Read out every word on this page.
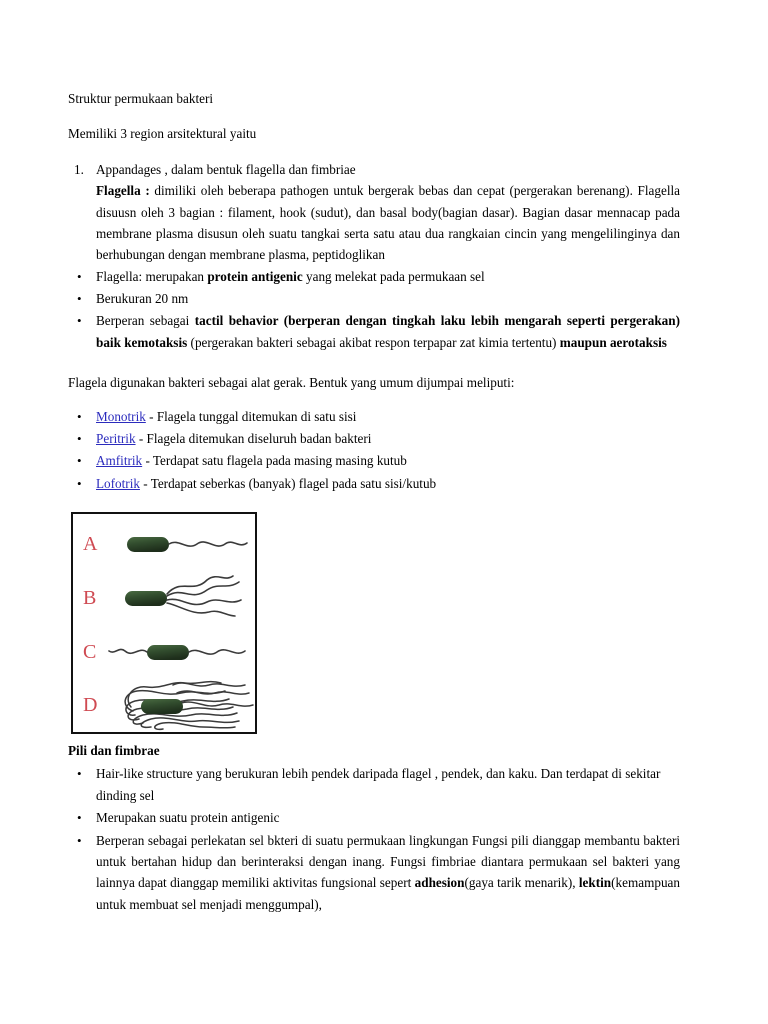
Struktur permukaan bakteri

Memiliki 3 region arsitektural yaitu

1. Appandages , dalam bentuk flagella dan fimbriae
Flagella : dimiliki oleh beberapa pathogen untuk bergerak bebas dan cepat (pergerakan berenang). Flagella disuusn oleh 3 bagian : filament, hook (sudut), dan basal body(bagian dasar). Bagian dasar mennacap pada membrane plasma disusun oleh suatu tangkai serta satu atau dua rangkaian cincin yang mengelilinginya dan berhubungan dengan membrane plasma, peptidoglikan
• Flagella: merupakan protein antigenic yang melekat pada permukaan sel
• Berukuran 20 nm
• Berperan sebagai tactil behavior (berperan dengan tingkah laku lebih mengarah seperti pergerakan) baik kemotaksis (pergerakan bakteri sebagai akibat respon terpapar zat kimia tertentu) maupun aerotaksis

Flagela digunakan bakteri sebagai alat gerak. Bentuk yang umum dijumpai meliputi:

• Monotrik - Flagela tunggal ditemukan di satu sisi
• Peritrik - Flagela ditemukan diseluruh badan bakteri
• Amfitrik - Terdapat satu flagela pada masing masing kutub
• Lofotrik - Terdapat seberkas (banyak) flagel pada satu sisi/kutub
A
B
C
D

Pili dan fimbrae

• Hair-like structure yang berukuran lebih pendek daripada flagel , pendek, dan kaku. Dan terdapat di sekitar dinding sel
• Merupakan suatu protein antigenic
• Berperan sebagai perlekatan sel bkteri di suatu permukaan lingkungan Fungsi pili dianggap membantu bakteri untuk bertahan hidup dan berinteraksi dengan inang. Fungsi fimbriae diantara permukaan sel bakteri yang lainnya dapat dianggap memiliki aktivitas fungsional sepert adhesion(gaya tarik menarik), lektin(kemampuan untuk membuat sel menjadi menggumpal),
